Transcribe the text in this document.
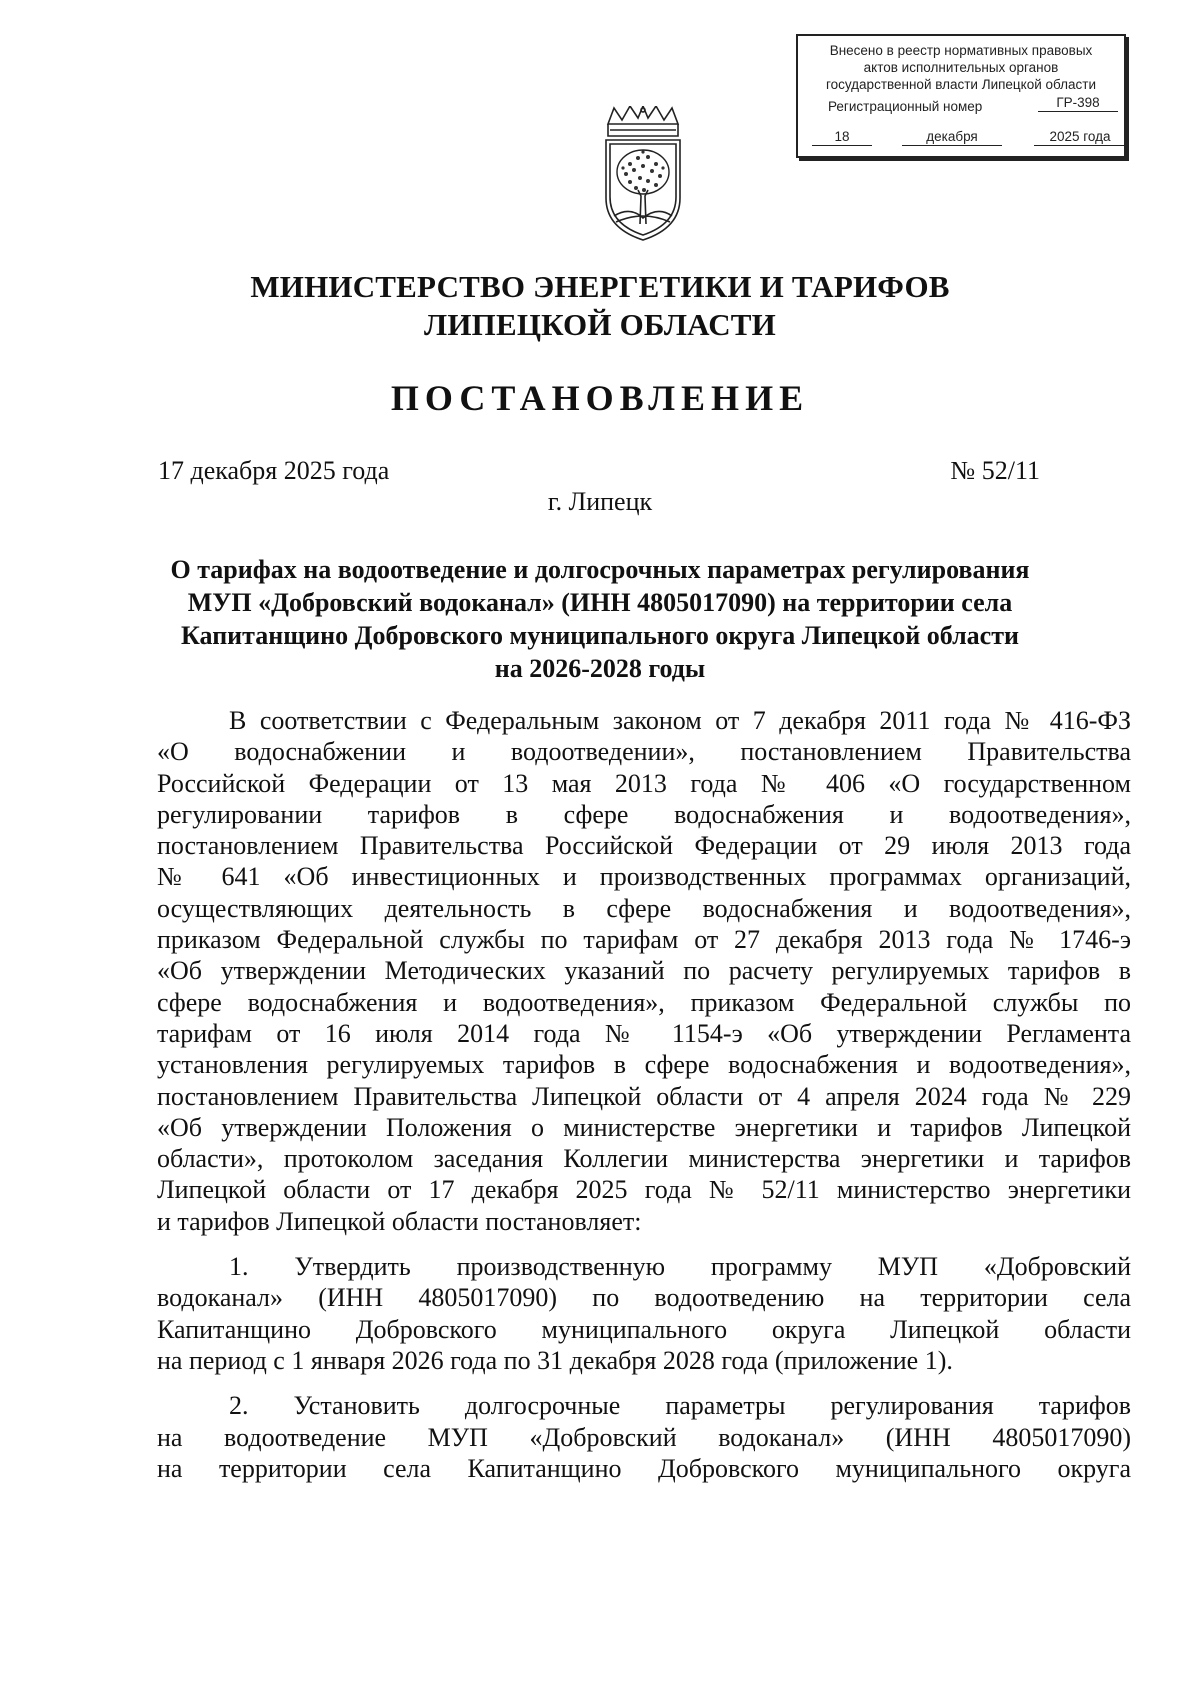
Внесено в реестр нормативных правовых
актов исполнительных органов
государственной власти Липецкой области
Регистрационный номер	ГР-398
18	декабря	2025 года
МИНИСТЕРСТВО ЭНЕРГЕТИКИ И ТАРИФОВ
ЛИПЕЦКОЙ ОБЛАСТИ
ПОСТАНОВЛЕНИЕ
17 декабря 2025 года	№ 52/11
г. Липецк
О тарифах на водоотведение и долгосрочных параметрах регулирования
МУП «Добровский водоканал» (ИНН 4805017090) на территории села
Капитанщино Добровского муниципального округа Липецкой области
на 2026-2028 годы
В соответствии с Федеральным законом от 7 декабря 2011 года № 416-ФЗ
«О водоснабжении и водоотведении», постановлением Правительства
Российской Федерации от 13 мая 2013 года № 406 «О государственном
регулировании тарифов в сфере водоснабжения и водоотведения»,
постановлением Правительства Российской Федерации от 29 июля 2013 года
№ 641 «Об инвестиционных и производственных программах организаций,
осуществляющих деятельность в сфере водоснабжения и водоотведения»,
приказом Федеральной службы по тарифам от 27 декабря 2013 года № 1746-э
«Об утверждении Методических указаний по расчету регулируемых тарифов в
сфере водоснабжения и водоотведения», приказом Федеральной службы по
тарифам от 16 июля 2014 года № 1154-э «Об утверждении Регламента
установления регулируемых тарифов в сфере водоснабжения и водоотведения»,
постановлением Правительства Липецкой области от 4 апреля 2024 года № 229
«Об утверждении Положения о министерстве энергетики и тарифов Липецкой
области», протоколом заседания Коллегии министерства энергетики и тарифов
Липецкой области от 17 декабря 2025 года № 52/11 министерство энергетики
и тарифов Липецкой области постановляет:
1. Утвердить производственную программу МУП «Добровский
водоканал» (ИНН 4805017090) по водоотведению на территории села
Капитанщино Добровского муниципального округа Липецкой области
на период с 1 января 2026 года по 31 декабря 2028 года (приложение 1).
2. Установить долгосрочные параметры регулирования тарифов
на водоотведение МУП «Добровский водоканал» (ИНН 4805017090)
на территории села Капитанщино Добровского муниципального округа
